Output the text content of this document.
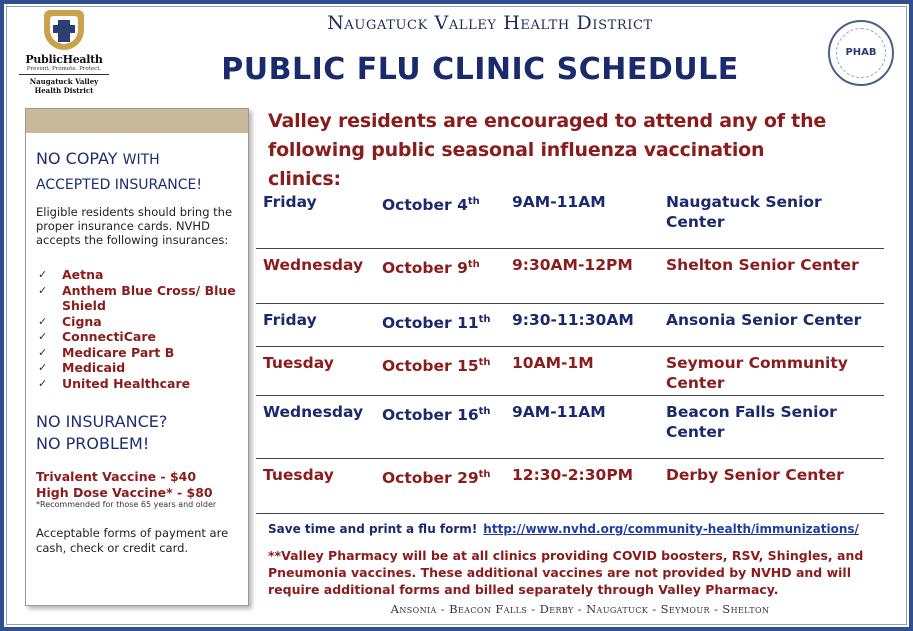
PublicHealth
Prevent. Promote. Protect.
Naugatuck Valley
Health District
PHAB
Naugatuck Valley Health District
PUBLIC FLU CLINIC SCHEDULE
NO COPAY WITH
ACCEPTED INSURANCE!
Eligible residents should bring the proper insurance cards. NVHD accepts the following insurances:
✓ Aetna
✓ Anthem Blue Cross/ Blue Shield
✓ Cigna
✓ ConnectiCare
✓ Medicare Part B
✓ Medicaid
✓ United Healthcare
NO INSURANCE?
NO PROBLEM!
Trivalent Vaccine - $40
High Dose Vaccine* - $80
*Recommended for those 65 years and older
Acceptable forms of payment are cash, check or credit card.
Valley residents are encouraged to attend any of the
following public seasonal influenza vaccination clinics:
Friday	October 4th 9AM-11AM	Naugatuck Senior Center
Wednesday October 9th 9:30AM-12PM Shelton Senior Center
Friday	October 11th 9:30-11:30AM Ansonia Senior Center
Tuesday	October 15th 10AM-1M	Seymour Community Center
Wednesday October 16th 9AM-11AM	Beacon Falls Senior Center
Tuesday	October 29th 12:30-2:30PM Derby Senior Center
Save time and print a flu form! http://www.nvhd.org/community-health/immunizations/
**Valley Pharmacy will be at all clinics providing COVID boosters, RSV, Shingles, and Pneumonia vaccines. These additional vaccines are not provided by NVHD and will require additional forms and billed separately through Valley Pharmacy.
Ansonia - Beacon Falls - Derby - Naugatuck - Seymour - Shelton
